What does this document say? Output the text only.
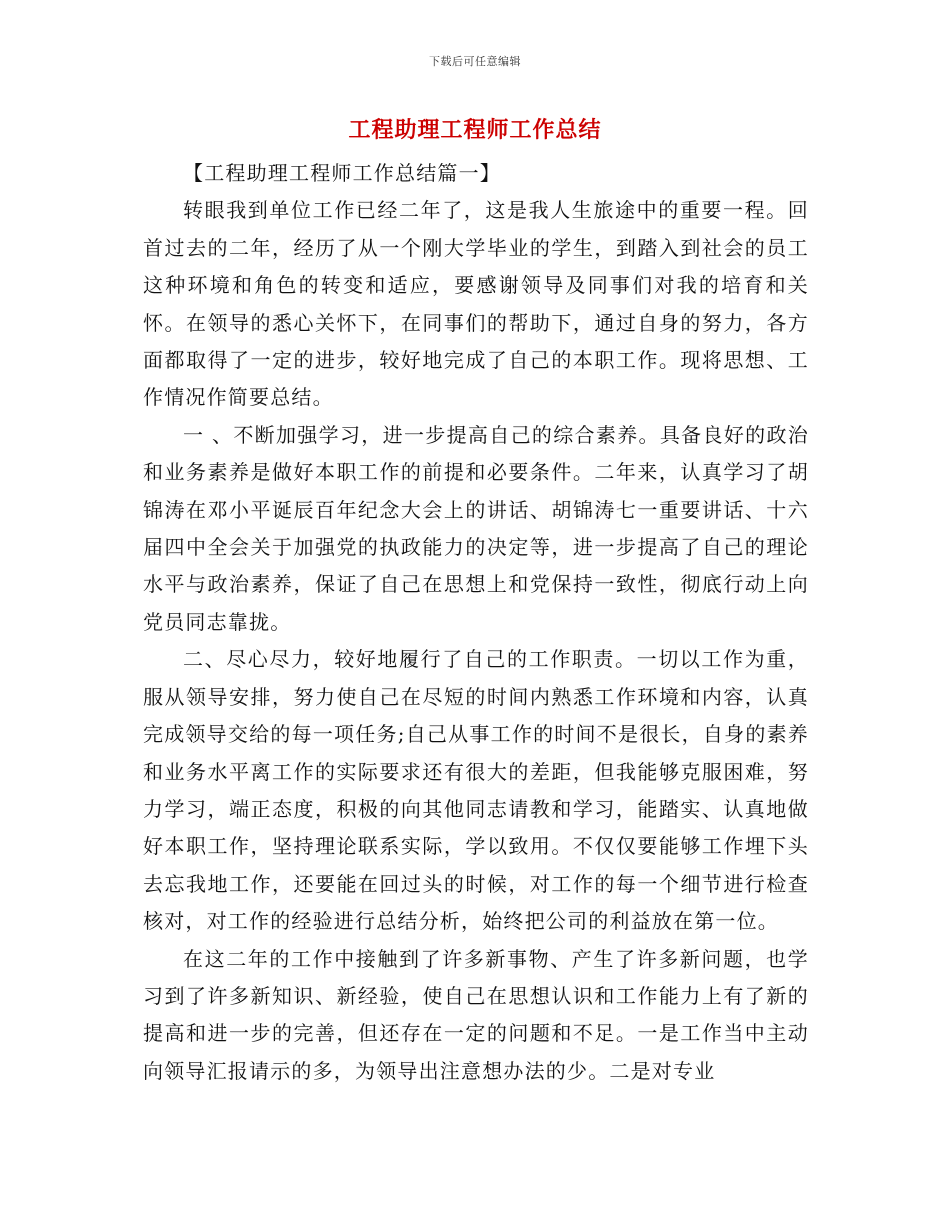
下载后可任意编辑
工程助理工程师工作总结

【工程助理工程师工作总结篇一】

转眼我到单位工作已经二年了，这是我人生旅途中的重要一程。回首过去的二年，经历了从一个刚大学毕业的学生，到踏入到社会的员工这种环境和角色的转变和适应，要感谢领导及同事们对我的培育和关怀。在领导的悉心关怀下，在同事们的帮助下，通过自身的努力，各方面都取得了一定的进步，较好地完成了自己的本职工作。现将思想、工作情况作简要总结。

一 、不断加强学习，进一步提高自己的综合素养。具备良好的政治和业务素养是做好本职工作的前提和必要条件。二年来，认真学习了胡锦涛在邓小平诞辰百年纪念大会上的讲话、胡锦涛七一重要讲话、十六届四中全会关于加强党的执政能力的决定等，进一步提高了自己的理论水平与政治素养，保证了自己在思想上和党保持一致性，彻底行动上向党员同志靠拢。

二、尽心尽力，较好地履行了自己的工作职责。一切以工作为重，服从领导安排，努力使自己在尽短的时间内熟悉工作环境和内容，认真完成领导交给的每一项任务;自己从事工作的时间不是很长，自身的素养和业务水平离工作的实际要求还有很大的差距，但我能够克服困难，努力学习，端正态度，积极的向其他同志请教和学习，能踏实、认真地做好本职工作，坚持理论联系实际，学以致用。不仅仅要能够工作埋下头去忘我地工作，还要能在回过头的时候，对工作的每一个细节进行检查核对，对工作的经验进行总结分析，始终把公司的利益放在第一位。

在这二年的工作中接触到了许多新事物、产生了许多新问题，也学习到了许多新知识、新经验，使自己在思想认识和工作能力上有了新的提高和进一步的完善，但还存在一定的问题和不足。一是工作当中主动向领导汇报请示的多，为领导出注意想办法的少。二是对专业
